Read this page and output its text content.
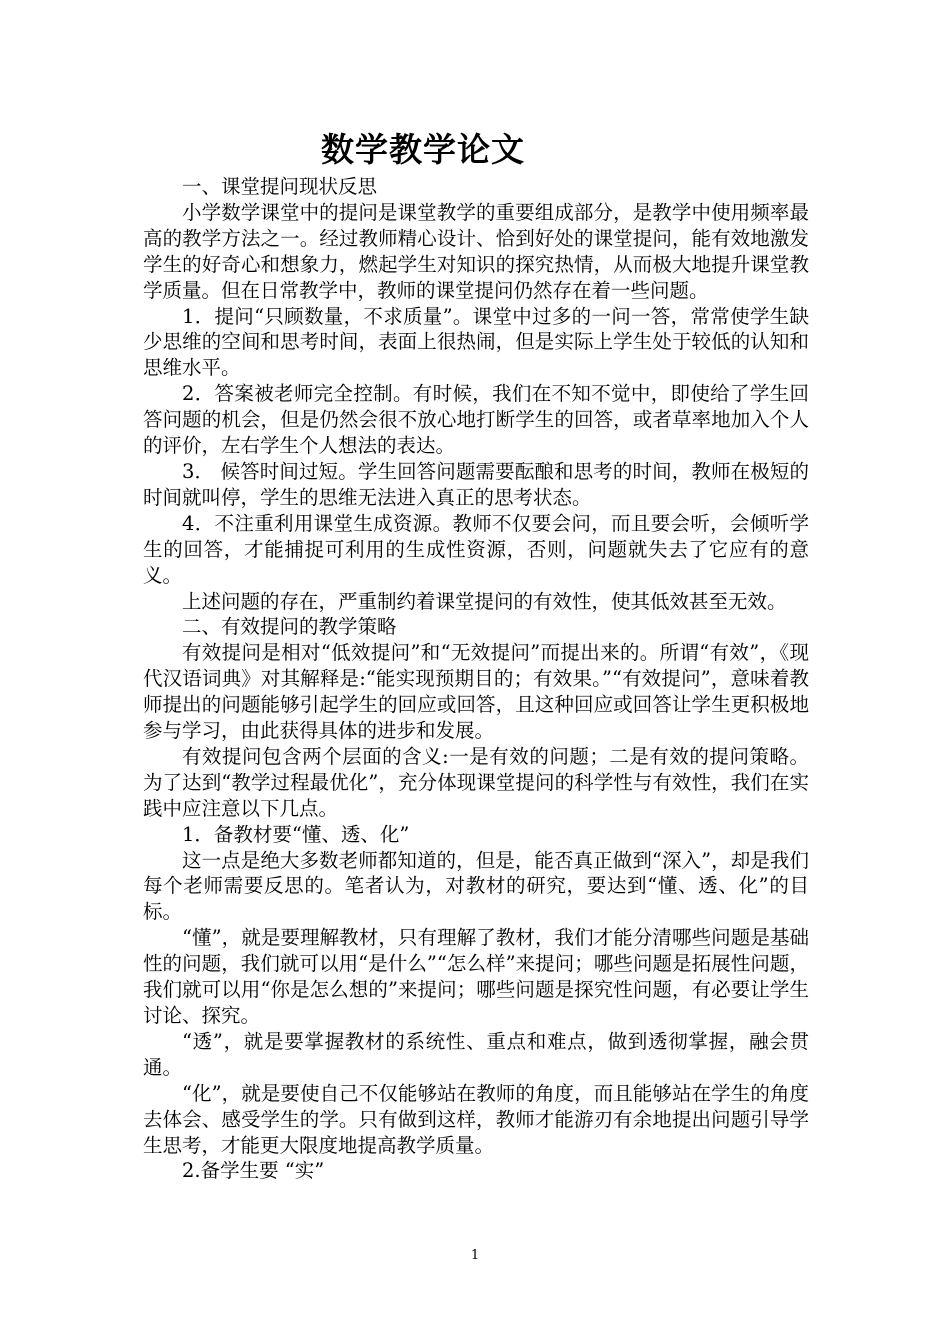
数学教学论文

一、课堂提问现状反思

小学数学课堂中的提问是课堂教学的重要组成部分，是教学中使用频率最高的教学方法之一。经过教师精心设计、恰到好处的课堂提问，能有效地激发学生的好奇心和想象力，燃起学生对知识的探究热情，从而极大地提升课堂教学质量。但在日常教学中，教师的课堂提问仍然存在着一些问题。

1．提问“只顾数量，不求质量”。课堂中过多的一问一答，常常使学生缺少思维的空间和思考时间，表面上很热闹，但是实际上学生处于较低的认知和思维水平。

2．答案被老师完全控制。有时候，我们在不知不觉中，即使给了学生回答问题的机会，但是仍然会很不放心地打断学生的回答，或者草率地加入个人的评价，左右学生个人想法的表达。

3． 候答时间过短。学生回答问题需要酝酿和思考的时间，教师在极短的时间就叫停，学生的思维无法进入真正的思考状态。

4．不注重利用课堂生成资源。教师不仅要会问，而且要会听，会倾听学生的回答，才能捕捉可利用的生成性资源，否则，问题就失去了它应有的意义。

上述问题的存在，严重制约着课堂提问的有效性，使其低效甚至无效。

二、有效提问的教学策略

有效提问是相对“低效提问”和“无效提问”而提出来的。所谓“有效”，《现代汉语词典》对其解释是:“能实现预期目的；有效果。”“有效提问”，意味着教师提出的问题能够引起学生的回应或回答，且这种回应或回答让学生更积极地参与学习，由此获得具体的进步和发展。

有效提问包含两个层面的含义:一是有效的问题；二是有效的提问策略。为了达到“教学过程最优化”，充分体现课堂提问的科学性与有效性，我们在实践中应注意以下几点。

1．备教材要“懂、透、化”

这一点是绝大多数老师都知道的，但是，能否真正做到“深入”，却是我们每个老师需要反思的。笔者认为，对教材的研究，要达到“懂、透、化”的目标。

“懂”，就是要理解教材，只有理解了教材，我们才能分清哪些问题是基础性的问题，我们就可以用“是什么”“怎么样”来提问；哪些问题是拓展性问题，我们就可以用“你是怎么想的”来提问；哪些问题是探究性问题，有必要让学生讨论、探究。

“透”，就是要掌握教材的系统性、重点和难点，做到透彻掌握，融会贯通。

“化”，就是要使自己不仅能够站在教师的角度，而且能够站在学生的角度去体会、感受学生的学。只有做到这样，教师才能游刃有余地提出问题引导学生思考，才能更大限度地提高教学质量。

2.备学生要 “实”

1
